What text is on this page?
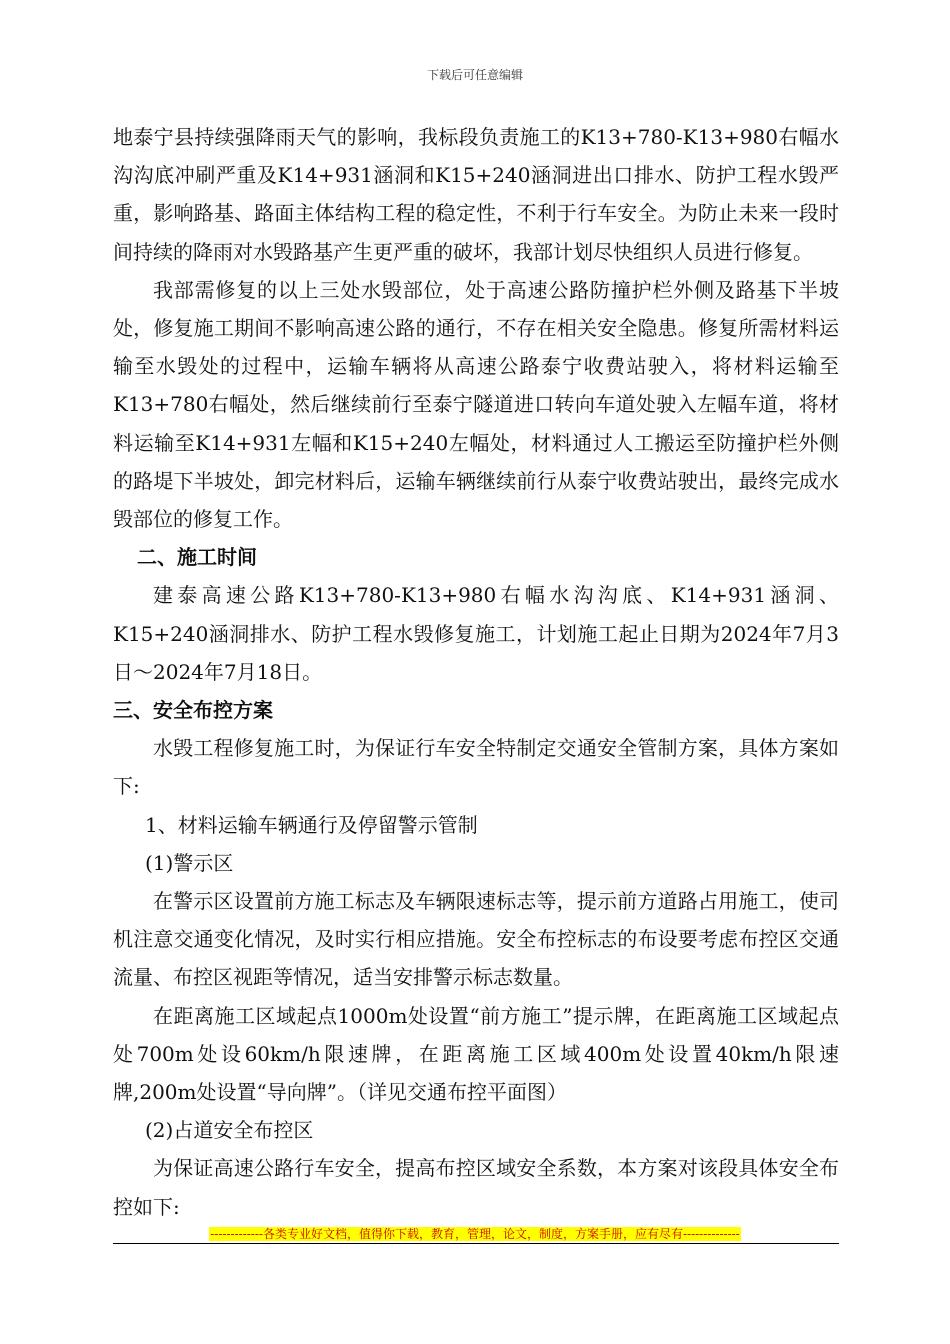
下载后可任意编辑

地泰宁县持续强降雨天气的影响，我标段负责施工的K13+780-K13+980右幅水沟沟底冲刷严重及K14+931涵洞和K15+240涵洞进出口排水、防护工程水毁严重，影响路基、路面主体结构工程的稳定性，不利于行车安全。为防止未来一段时间持续的降雨对水毁路基产生更严重的破坏，我部计划尽快组织人员进行修复。

我部需修复的以上三处水毁部位，处于高速公路防撞护栏外侧及路基下半坡处，修复施工期间不影响高速公路的通行，不存在相关安全隐患。修复所需材料运输至水毁处的过程中，运输车辆将从高速公路泰宁收费站驶入，将材料运输至K13+780右幅处，然后继续前行至泰宁隧道进口转向车道处驶入左幅车道，将材料运输至K14+931左幅和K15+240左幅处，材料通过人工搬运至防撞护栏外侧的路堤下半坡处，卸完材料后，运输车辆继续前行从泰宁收费站驶出，最终完成水毁部位的修复工作。

二、施工时间

建泰高速公路K13+780-K13+980右幅水沟沟底、K14+931涵洞、K15+240涵洞排水、防护工程水毁修复施工，计划施工起止日期为2024年7月3日～2024年7月18日。

三、安全布控方案

水毁工程修复施工时，为保证行车安全特制定交通安全管制方案，具体方案如下:

1、材料运输车辆通行及停留警示管制

(1)警示区

在警示区设置前方施工标志及车辆限速标志等，提示前方道路占用施工，使司机注意交通变化情况，及时实行相应措施。安全布控标志的布设要考虑布控区交通流量、布控区视距等情况，适当安排警示标志数量。

在距离施工区域起点1000m处设置“前方施工”提示牌，在距离施工区域起点处700m处设60km/h限速牌，在距离施工区域400m处设置40km/h限速牌,200m处设置“导向牌”。（详见交通布控平面图）

(2)占道安全布控区

为保证高速公路行车安全，提高布控区域安全系数，本方案对该段具体安全布控如下:

-------------各类专业好文档，值得你下载，教育，管理，论文，制度，方案手册，应有尽有--------------
